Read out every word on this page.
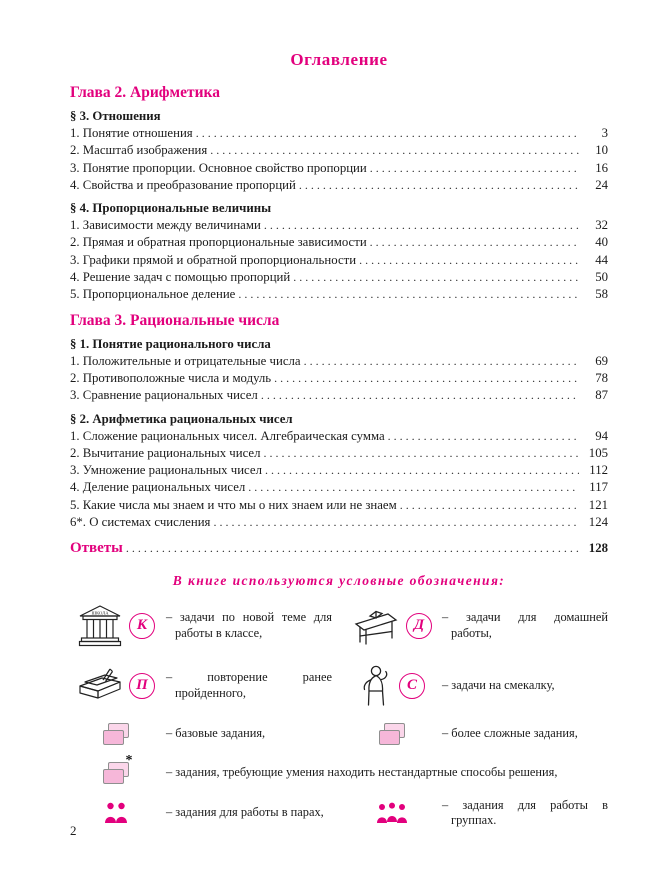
Оглавление
Глава 2. Арифметика
§ 3. Отношения
1. Понятие отношения .....	3
2. Масштаб изображения .....	10
3. Понятие пропорции. Основное свойство пропорции .....	16
4. Свойства и преобразование пропорций .....	24
§ 4. Пропорциональные величины
1. Зависимости между величинами .....	32
2. Прямая и обратная пропорциональные зависимости .....	40
3. Графики прямой и обратной пропорциональности .....	44
4. Решение задач с помощью пропорций .....	50
5. Пропорциональное деление .....	58
Глава 3. Рациональные числа
§ 1. Понятие рационального числа
1. Положительные и отрицательные числа .....	69
2. Противоположные числа и модуль .....	78
3. Сравнение рациональных чисел .....	87
§ 2. Арифметика рациональных чисел
1. Сложение рациональных чисел. Алгебраическая сумма .....	94
2. Вычитание рациональных чисел .....	105
3. Умножение рациональных чисел .....	112
4. Деление рациональных чисел .....	117
5. Какие числа мы знаем и что мы о них знаем или не знаем .....	121
6*. О системах счисления .....	124
Ответы .....	128
В книге используются условные обозначения:
ШКОЛА
К
– задачи по новой теме для работы в классе,	Д
– задачи для домашней работы,
П
– повторение ранее пройденного,	С	– задачи на смекалку,
– базовые задания,	– более сложные задания,
*
– задания, требующие умения находить нестандартные способы решения,
– задания для работы в парах,
– задания для работы в группах.
2
